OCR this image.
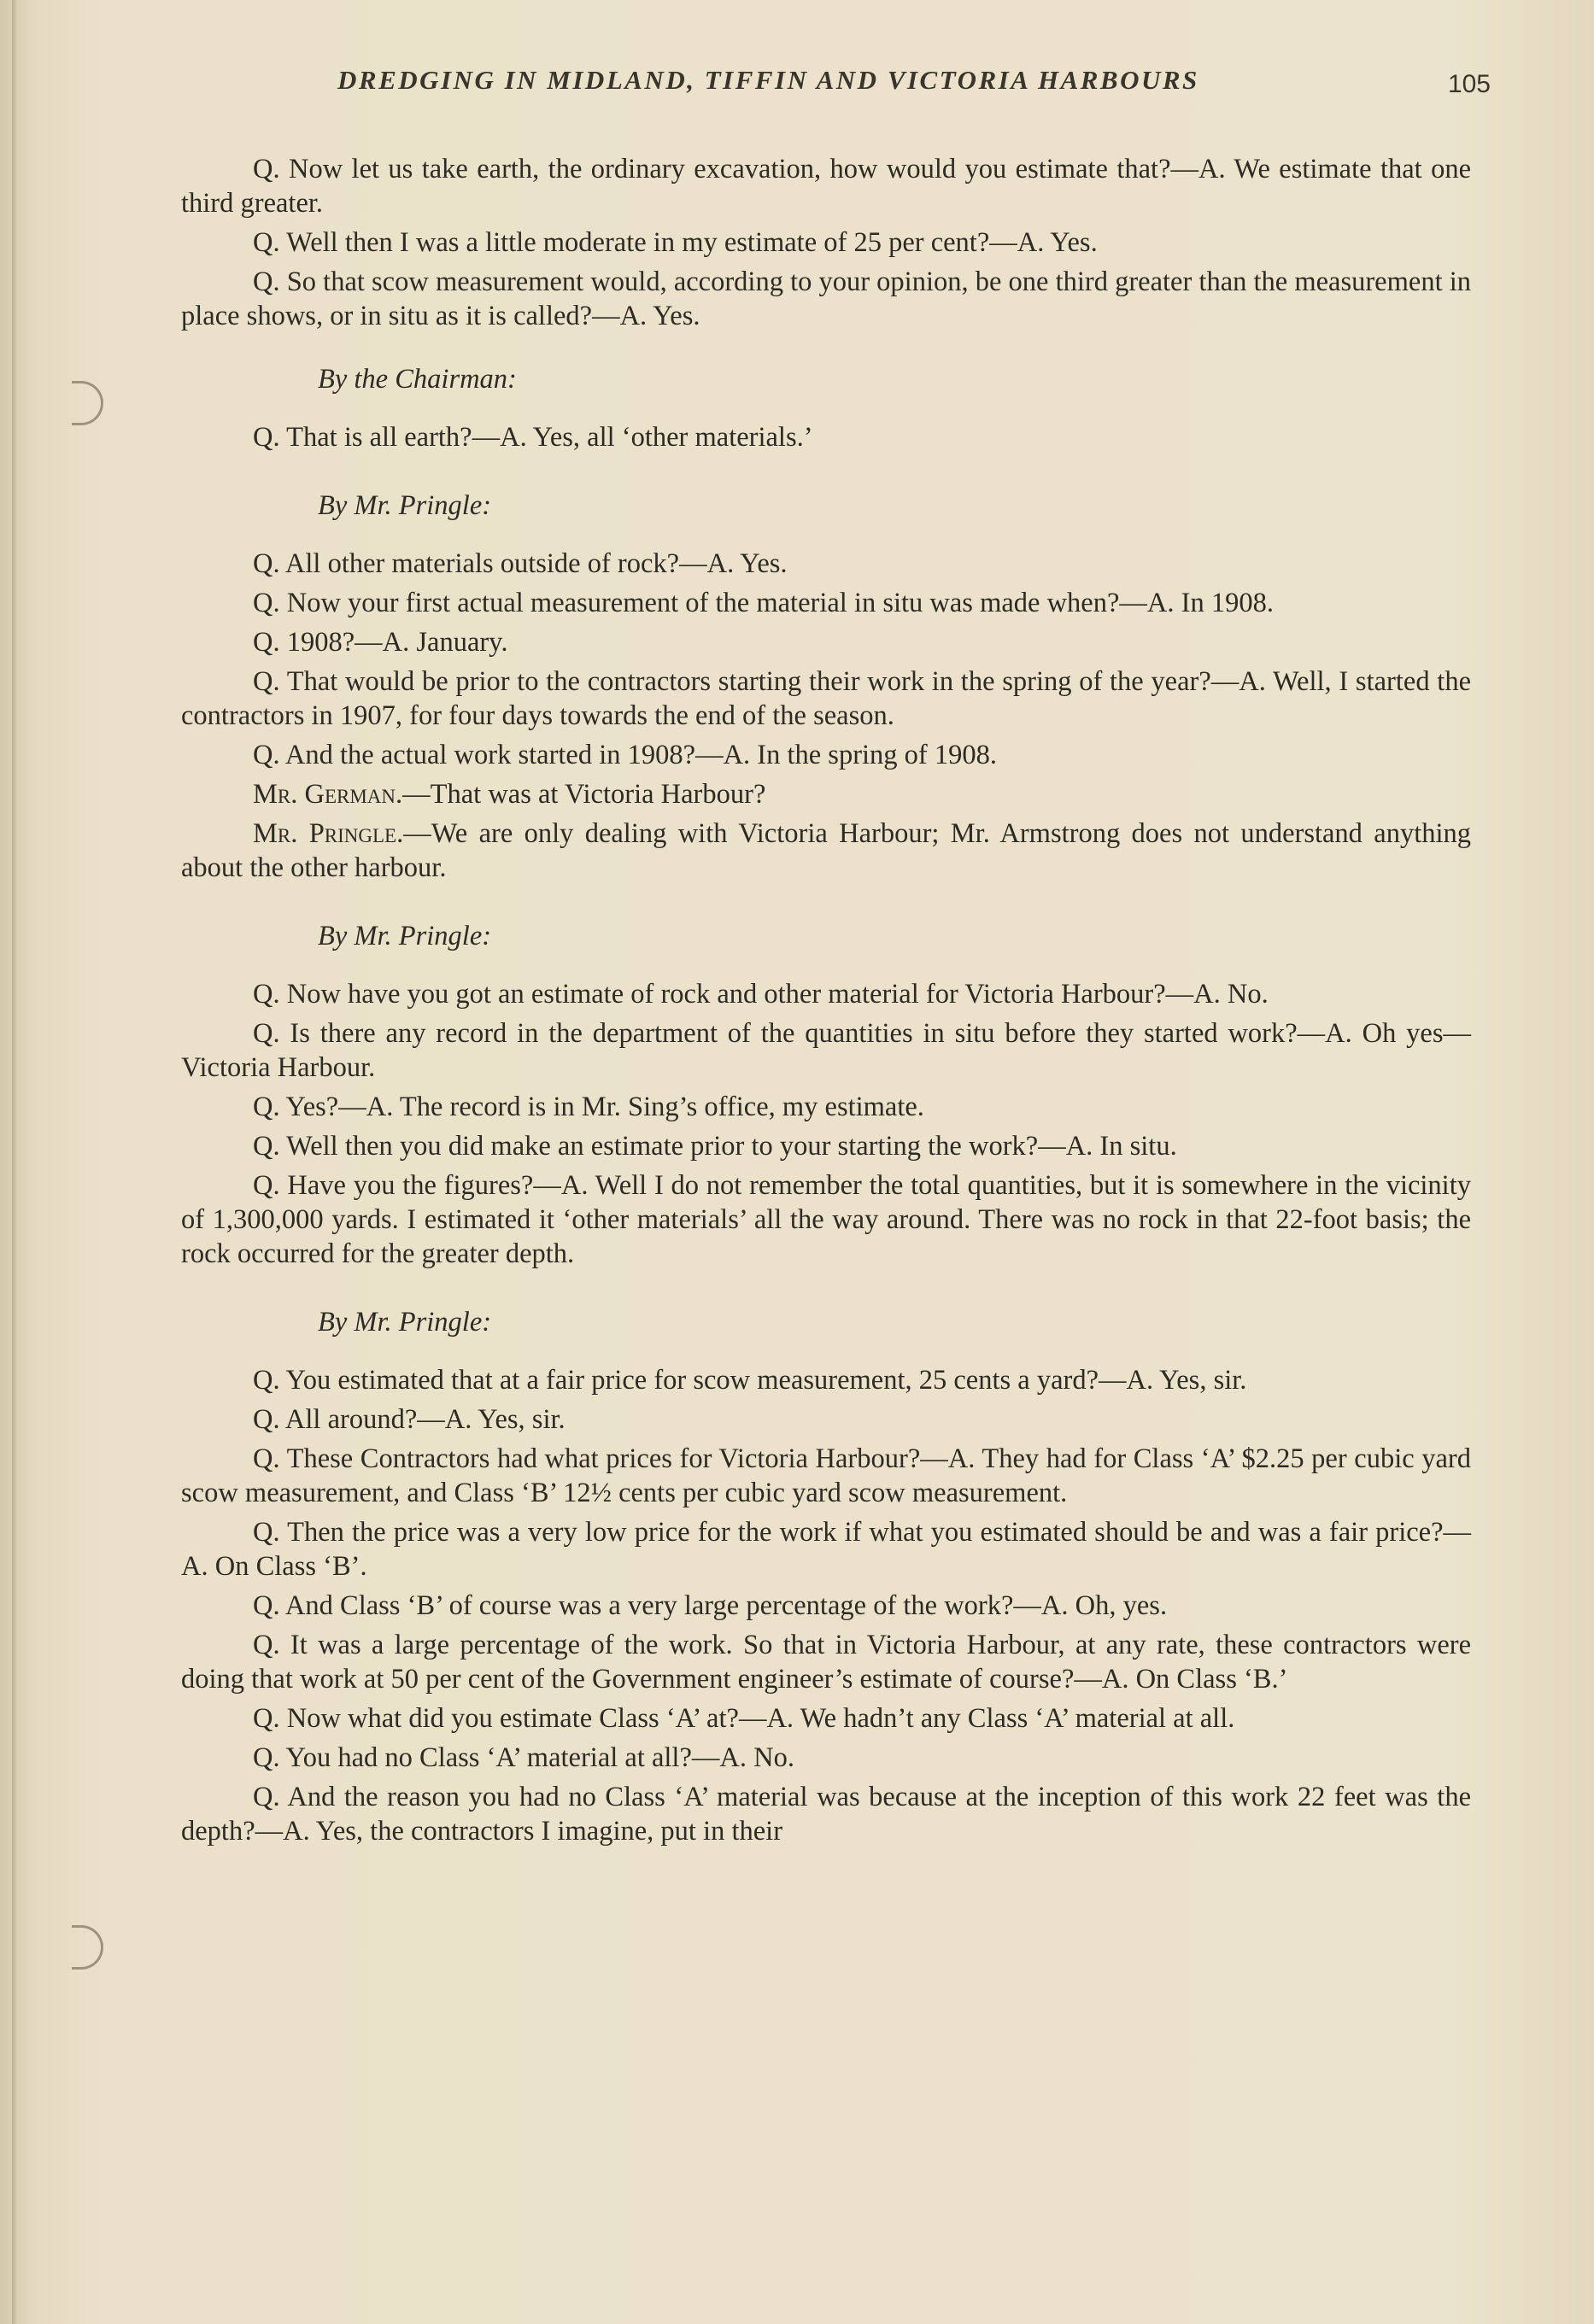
DREDGING IN MIDLAND, TIFFIN AND VICTORIA HARBOURS	105

Q. Now let us take earth, the ordinary excavation, how would you estimate that?—A. We estimate that one third greater.

Q. Well then I was a little moderate in my estimate of 25 per cent?—A. Yes.

Q. So that scow measurement would, according to your opinion, be one third greater than the measurement in place shows, or in situ as it is called?—A. Yes.

By the Chairman:

Q. That is all earth?—A. Yes, all ‘other materials.’

By Mr. Pringle:

Q. All other materials outside of rock?—A. Yes.

Q. Now your first actual measurement of the material in situ was made when?—A. In 1908.

Q. 1908?—A. January.

Q. That would be prior to the contractors starting their work in the spring of the year?—A. Well, I started the contractors in 1907, for four days towards the end of the season.

Q. And the actual work started in 1908?—A. In the spring of 1908.

Mr. German.—That was at Victoria Harbour?

Mr. Pringle.—We are only dealing with Victoria Harbour; Mr. Armstrong does not understand anything about the other harbour.

By Mr. Pringle:

Q. Now have you got an estimate of rock and other material for Victoria Harbour?—A. No.

Q. Is there any record in the department of the quantities in situ before they started work?—A. Oh yes—Victoria Harbour.

Q. Yes?—A. The record is in Mr. Sing’s office, my estimate.

Q. Well then you did make an estimate prior to your starting the work?—A. In situ.

Q. Have you the figures?—A. Well I do not remember the total quantities, but it is somewhere in the vicinity of 1,300,000 yards. I estimated it ‘other materials’ all the way around. There was no rock in that 22-foot basis; the rock occurred for the greater depth.

By Mr. Pringle:

Q. You estimated that at a fair price for scow measurement, 25 cents a yard?—A. Yes, sir.

Q. All around?—A. Yes, sir.

Q. These Contractors had what prices for Victoria Harbour?—A. They had for Class ‘A’ $2.25 per cubic yard scow measurement, and Class ‘B’ 12½ cents per cubic yard scow measurement.

Q. Then the price was a very low price for the work if what you estimated should be and was a fair price?—A. On Class ‘B’.

Q. And Class ‘B’ of course was a very large percentage of the work?—A. Oh, yes.

Q. It was a large percentage of the work. So that in Victoria Harbour, at any rate, these contractors were doing that work at 50 per cent of the Government engineer’s estimate of course?—A. On Class ‘B.’

Q. Now what did you estimate Class ‘A’ at?—A. We hadn’t any Class ‘A’ material at all.

Q. You had no Class ‘A’ material at all?—A. No.

Q. And the reason you had no Class ‘A’ material was because at the inception of this work 22 feet was the depth?—A. Yes, the contractors I imagine, put in their
